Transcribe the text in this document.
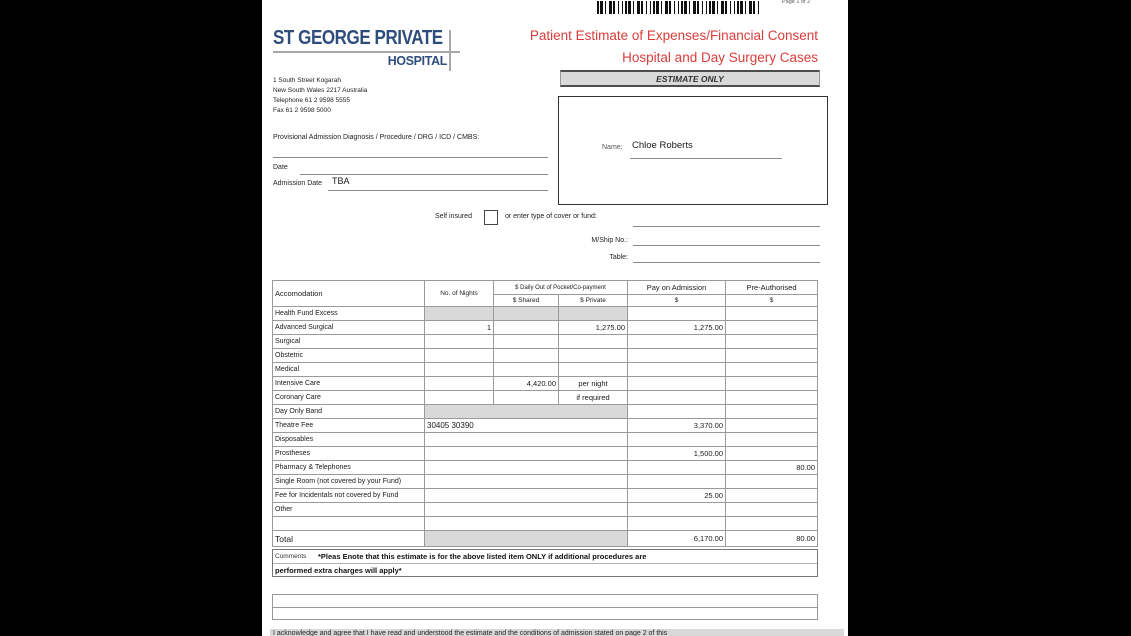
Page 1 of 2
ST GEORGE PRIVATE
HOSPITAL
Patient Estimate of Expenses/Financial Consent
Hospital and Day Surgery Cases
ESTIMATE ONLY
1 South Street Kogarah
New South Wales 2217 Australia
Telephone 61 2 9598 5555
Fax 61 2 9598 5000
Provisional Admission Diagnosis / Procedure / DRG / ICD / CMBS:
Date
Admission Date TBA
Name: Chloe Roberts
Self insured	or enter type of cover or fund:
M/Ship No.:
Table:
Accomodation	No. of Nights	$ Daily Out of Pocket/Co-payment		Pay on Admission	Pre-Authorised
		$ Shared	$ Private	$	$
Health Fund Excess					
Advanced Surgical	1		1,275.00	1,275.00	
Surgical					
Obstetric					
Medical					
Intensive Care		4,420.00	per night		
Coronary Care			if required		
Day Only Band					
Theatre Fee	30405 30390			3,370.00	
Disposables					
Prostheses				1,500.00	
Pharmacy & Telephones					80.00
Single Room (not covered by your Fund)					
Fee for Incidentals not covered by Fund				25.00	
Other					

Total				6,170.00	80.00
Comments	*Pleas Enote that this estimate is for the above listed item ONLY if additional procedures are
performed extra charges will apply*
I acknowledge and agree that I have read and understood the estimate and the conditions of admission stated on page 2 of this
